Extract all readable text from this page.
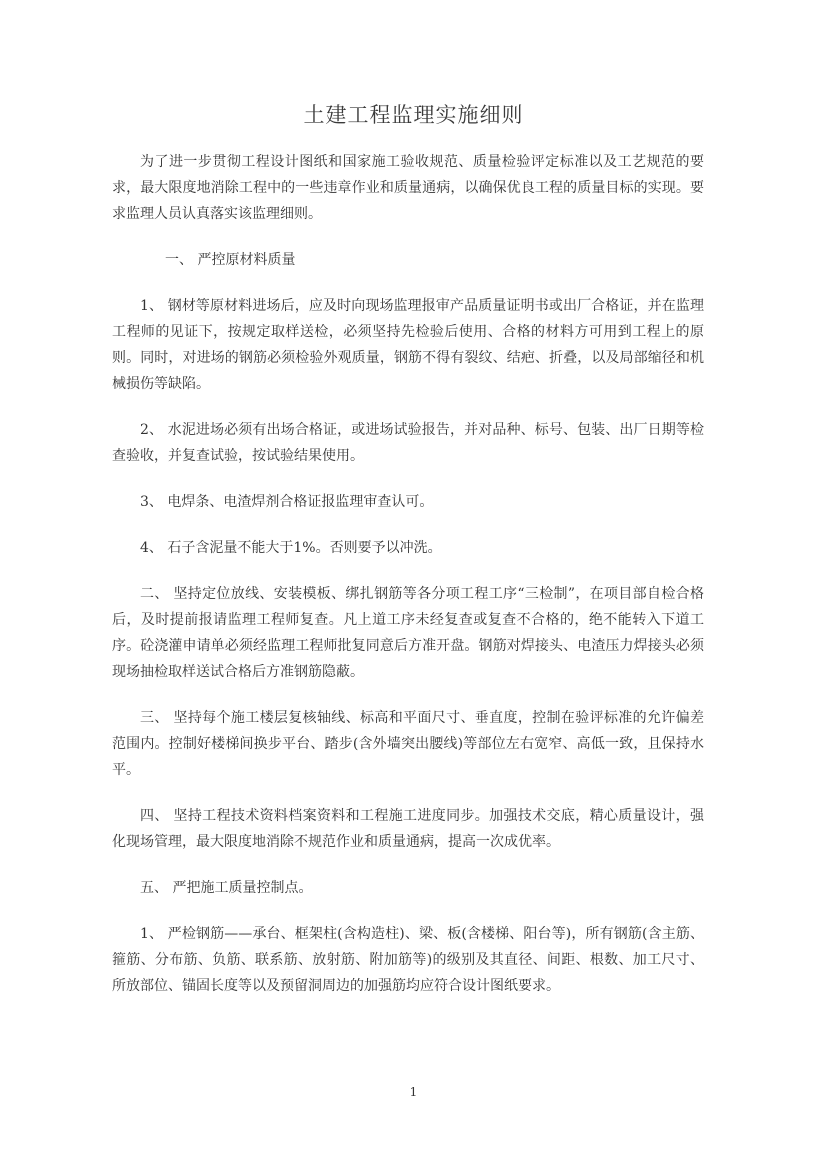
土建工程监理实施细则

为了进一步贯彻工程设计图纸和国家施工验收规范、质量检验评定标准以及工艺规范的要求，最大限度地消除工程中的一些违章作业和质量通病，以确保优良工程的质量目标的实现。要求监理人员认真落实该监理细则。

一、 严控原材料质量

1、 钢材等原材料进场后，应及时向现场监理报审产品质量证明书或出厂合格证，并在监理工程师的见证下，按规定取样送检，必须坚持先检验后使用、合格的材料方可用到工程上的原则。同时，对进场的钢筋必须检验外观质量，钢筋不得有裂纹、结疤、折叠，以及局部缩径和机械损伤等缺陷。

2、 水泥进场必须有出场合格证，或进场试验报告，并对品种、标号、包装、出厂日期等检查验收，并复查试验，按试验结果使用。

3、 电焊条、电渣焊剂合格证报监理审查认可。

4、 石子含泥量不能大于1%。否则要予以冲洗。

二、 坚持定位放线、安装模板、绑扎钢筋等各分项工程工序“三检制”，在项目部自检合格后，及时提前报请监理工程师复查。凡上道工序未经复查或复查不合格的，绝不能转入下道工序。砼浇灌申请单必须经监理工程师批复同意后方准开盘。钢筋对焊接头、电渣压力焊接头必须现场抽检取样送试合格后方准钢筋隐蔽。

三、 坚持每个施工楼层复核轴线、标高和平面尺寸、垂直度，控制在验评标准的允许偏差范围内。控制好楼梯间换步平台、踏步(含外墙突出腰线)等部位左右宽窄、高低一致，且保持水平。

四、 坚持工程技术资料档案资料和工程施工进度同步。加强技术交底，精心质量设计，强化现场管理，最大限度地消除不规范作业和质量通病，提高一次成优率。

五、 严把施工质量控制点。

1、 严检钢筋——承台、框架柱(含构造柱)、梁、板(含楼梯、阳台等)，所有钢筋(含主筋、箍筋、分布筋、负筋、联系筋、放射筋、附加筋等)的级别及其直径、间距、根数、加工尺寸、所放部位、锚固长度等以及预留洞周边的加强筋均应符合设计图纸要求。

1
